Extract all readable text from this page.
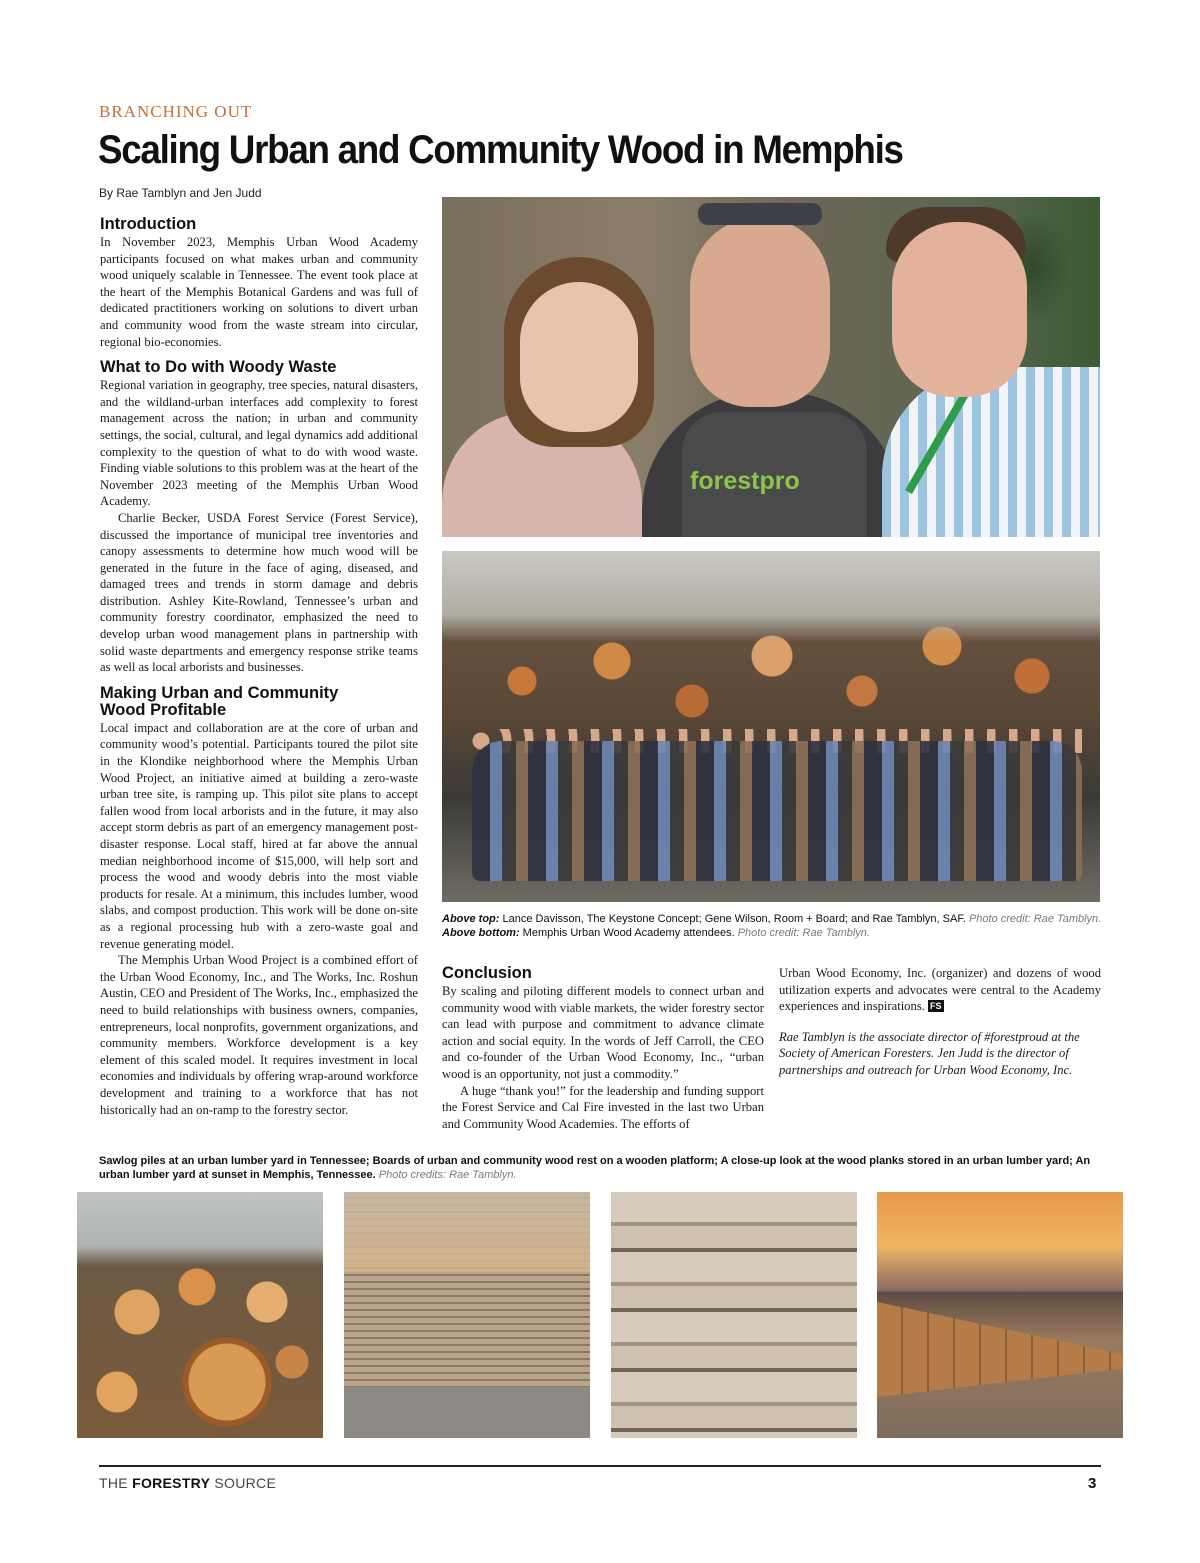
BRANCHING OUT
Scaling Urban and Community Wood in Memphis
By Rae Tamblyn and Jen Judd
Introduction

In November 2023, Memphis Urban Wood Academy participants focused on what makes urban and community wood uniquely scalable in Tennessee. The event took place at the heart of the Memphis Botanical Gardens and was full of dedicated practitioners working on solutions to divert urban and community wood from the waste stream into circular, regional bio-economies.

What to Do with Woody Waste

Regional variation in geography, tree species, natural disasters, and the wildland-urban interfaces add complexity to forest management across the nation; in urban and community settings, the social, cultural, and legal dynamics add additional complexity to the question of what to do with wood waste. Finding viable solutions to this problem was at the heart of the November 2023 meeting of the Memphis Urban Wood Academy.

Charlie Becker, USDA Forest Service (Forest Service), discussed the importance of municipal tree inventories and canopy assessments to determine how much wood will be generated in the future in the face of aging, diseased, and damaged trees and trends in storm damage and debris distribution. Ashley Kite-Rowland, Tennessee’s urban and community forestry coordinator, emphasized the need to develop urban wood management plans in partnership with solid waste departments and emergency response strike teams as well as local arborists and businesses.

Making Urban and Community
Wood Profitable

Local impact and collaboration are at the core of urban and community wood’s potential. Participants toured the pilot site in the Klondike neighborhood where the Memphis Urban Wood Project, an initiative aimed at building a zero-waste urban tree site, is ramping up. This pilot site plans to accept fallen wood from local arborists and in the future, it may also accept storm debris as part of an emergency management post-disaster response. Local staff, hired at far above the annual median neighborhood income of $15,000, will help sort and process the wood and woody debris into the most viable products for resale. At a minimum, this includes lumber, wood slabs, and compost production. This work will be done on-site as a regional processing hub with a zero-waste goal and revenue generating model.

The Memphis Urban Wood Project is a combined effort of the Urban Wood Economy, Inc., and The Works, Inc. Roshun Austin, CEO and President of The Works, Inc., emphasized the need to build relationships with business owners, companies, entrepreneurs, local nonprofits, government organizations, and community members. Workforce development is a key element of this scaled model. It requires investment in local economies and individuals by offering wrap-around workforce development and training to a workforce that has not historically had an on-ramp to the forestry sector.

forestpro
Above top: Lance Davisson, The Keystone Concept; Gene Wilson, Room + Board; and Rae Tamblyn, SAF. Photo credit: Rae Tamblyn. Above bottom: Memphis Urban Wood Academy attendees. Photo credit: Rae Tamblyn.
Conclusion

By scaling and piloting different models to connect urban and community wood with viable markets, the wider forestry sector can lead with purpose and commitment to advance climate action and social equity. In the words of Jeff Carroll, the CEO and co-founder of the Urban Wood Economy, Inc., “urban wood is an opportunity, not just a commodity.”

A huge “thank you!” for the leadership and funding support the Forest Service and Cal Fire invested in the last two Urban and Community Wood Academies. The efforts of

Urban Wood Economy, Inc. (organizer) and dozens of wood utilization experts and advocates were central to the Academy experiences and inspirations. FS

Rae Tamblyn is the associate director of #forestproud at the Society of American Foresters. Jen Judd is the director of partnerships and outreach for Urban Wood Economy, Inc.

Sawlog piles at an urban lumber yard in Tennessee; Boards of urban and community wood rest on a wooden platform; A close-up look at the wood planks stored in an urban lumber yard; An urban lumber yard at sunset in Memphis, Tennessee. Photo credits: Rae Tamblyn.
THE FORESTRY SOURCE	3
